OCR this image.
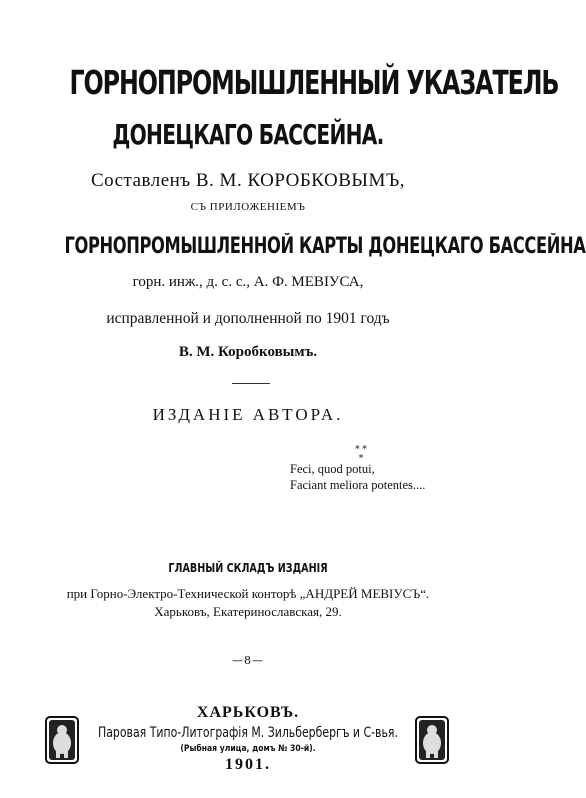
ГОРНОПРОМЫШЛЕННЫЙ УКАЗАТЕЛЬ
ДОНЕЦКАГО БАССЕЙНА.
Составленъ В. М. КОРОБКОВЫМЪ,
СЪ ПРИЛОЖЕНІЕМЪ
ГОРНОПРОМЫШЛЕННОЙ КАРТЫ ДОНЕЦКАГО БАССЕЙНА
горн. инж., д. с. с., А. Ф. МЕВІУСА,
исправленной и дополненной по 1901 годъ
В. М. Коробковымъ.
ИЗДАНІЕ АВТОРА.
* *
*
Feci, quod potui,
Faciant meliora potentes....
ГЛАВНЫЙ СКЛАДЪ ИЗДАНІЯ
при Горно-Электро-Технической конторѣ „АНДРЕЙ МЕВІУСЪ“.
Харьковъ, Екатеринославская, 29.
—8—
ХАРЬКОВЪ.
Паровая Типо-Литографія М. Зильбербергъ и С-вья.
(Рыбная улица, домъ № 30-й).
1901.
